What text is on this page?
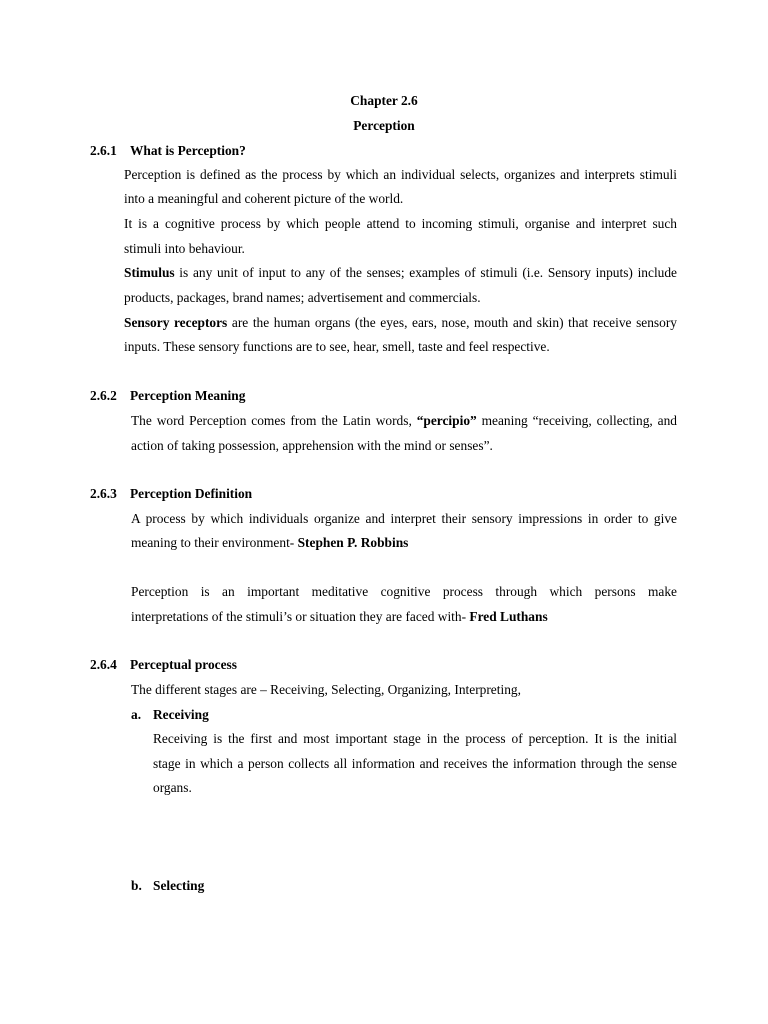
Chapter 2.6
Perception
2.6.1 What is Perception?
Perception is defined as the process by which an individual selects, organizes and interprets stimuli
into a meaningful and coherent picture of the world.
It is a cognitive process by which people attend to incoming stimuli, organise and interpret such
stimuli into behaviour.
Stimulus is any unit of input to any of the senses; examples of stimuli (i.e. Sensory inputs) include
products, packages, brand names; advertisement and commercials.
Sensory receptors are the human organs (the eyes, ears, nose, mouth and skin) that receive sensory
inputs. These sensory functions are to see, hear, smell, taste and feel respective.
2.6.2 Perception Meaning
The word Perception comes from the Latin words, “percipio” meaning “receiving, collecting, and
action of taking possession, apprehension with the mind or senses”.
2.6.3 Perception Definition
A process by which individuals organize and interpret their sensory impressions in order to give
meaning to their environment- Stephen P. Robbins
Perception is an important meditative cognitive process through which persons make
interpretations of the stimuli’s or situation they are faced with- Fred Luthans
2.6.4 Perceptual process
The different stages are – Receiving, Selecting, Organizing, Interpreting,
a. Receiving
Receiving is the first and most important stage in the process of perception. It is the initial
stage in which a person collects all information and receives the information through the sense
organs.
b. Selecting
